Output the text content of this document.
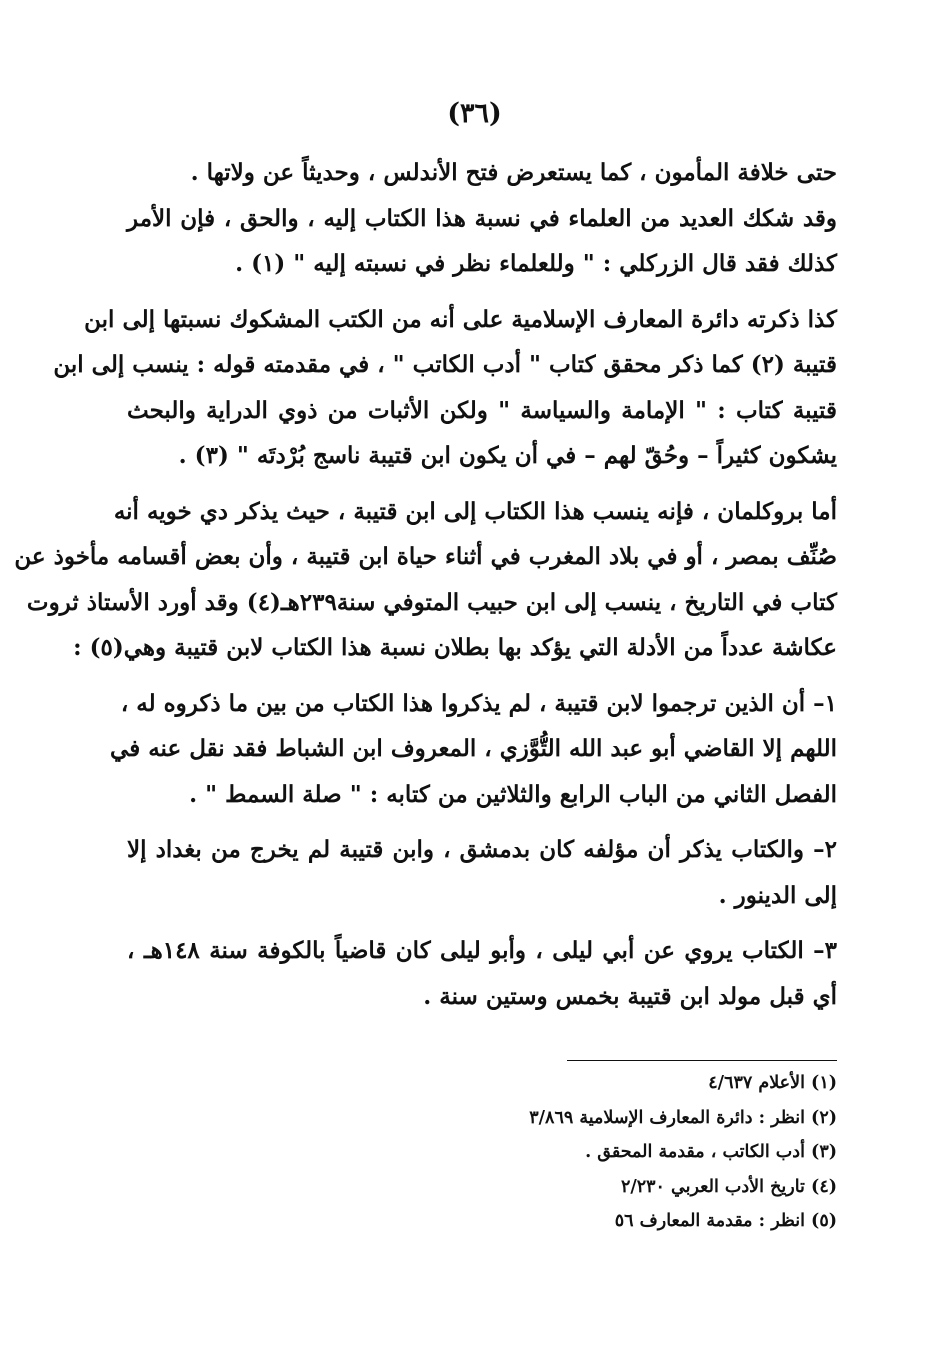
(٣٦)
حتى خلافة المأمون ، كما يستعرض فتح الأندلس ، وحديثاً عن ولاتها .
وقد شكك العديد من العلماء في نسبة هذا الكتاب إليه ، والحق ، فإن الأمر
كذلك فقد قال الزركلي : " وللعلماء نظر في نسبته إليه " (١) .
كذا ذكرته دائرة المعارف الإسلامية على أنه من الكتب المشكوك نسبتها إلى ابن
قتيبة (٢) كما ذكر محقق كتاب " أدب الكاتب " ، في مقدمته قوله : ينسب إلى ابن
قتيبة كتاب : " الإمامة والسياسة " ولكن الأثبات من ذوي الدراية والبحث
يشكون كثيراً – وحُقّ لهم – في أن يكون ابن قتيبة ناسج بُرْدتَه " (٣) .
أما بروكلمان ، فإنه ينسب هذا الكتاب إلى ابن قتيبة ، حيث يذكر دي خويه أنه
صُنِّف بمصر ، أو في بلاد المغرب في أثناء حياة ابن قتيبة ، وأن بعض أقسامه مأخوذ عن
كتاب في التاريخ ، ينسب إلى ابن حبيب المتوفي سنة٢٣٩هـ(٤) وقد أورد الأستاذ ثروت
عكاشة عدداً من الأدلة التي يؤكد بها بطلان نسبة هذا الكتاب لابن قتيبة وهي(٥) :
١– أن الذين ترجموا لابن قتيبة ، لم يذكروا هذا الكتاب من بين ما ذكروه له ،
اللهم إلا القاضي أبو عبد الله التُّوَّزي ، المعروف ابن الشباط فقد نقل عنه في
الفصل الثاني من الباب الرابع والثلاثين من كتابه : " صلة السمط " .
٢– والكتاب يذكر أن مؤلفه كان بدمشق ، وابن قتيبة لم يخرج من بغداد إلا
إلى الدينور .
٣– الكتاب يروي عن أبي ليلى ، وأبو ليلى كان قاضياً بالكوفة سنة ١٤٨هـ ،
أي قبل مولد ابن قتيبة بخمس وستين سنة .
(١) الأعلام ٤/٦٣٧
(٢) انظر : دائرة المعارف الإسلامية ٣/٨٦٩
(٣) أدب الكاتب ، مقدمة المحقق .
(٤) تاريخ الأدب العربي ٢/٢٣٠
(٥) انظر : مقدمة المعارف ٥٦
